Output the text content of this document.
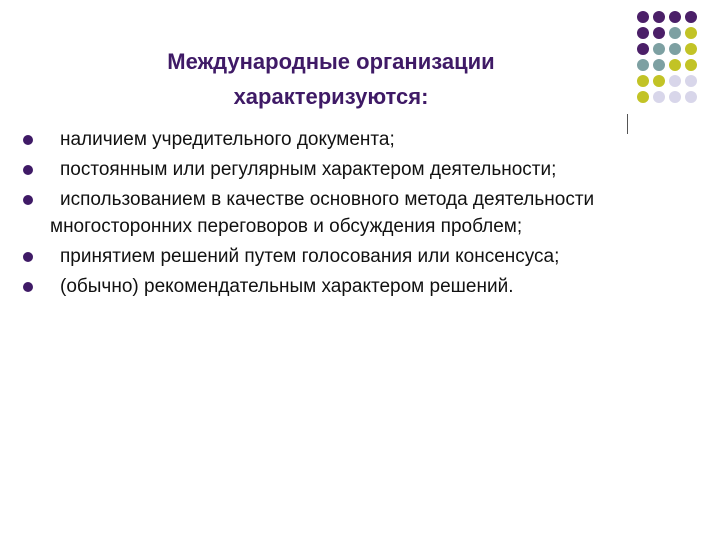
Международные организации
характеризуются:
наличием учредительного документа;
постоянным или регулярным характером деятельности;
использованием в качестве основного метода деятельности многосторонних переговоров и обсуждения проблем;
принятием решений путем голосования или консенсуса;
(обычно) рекомендательным характером решений.
